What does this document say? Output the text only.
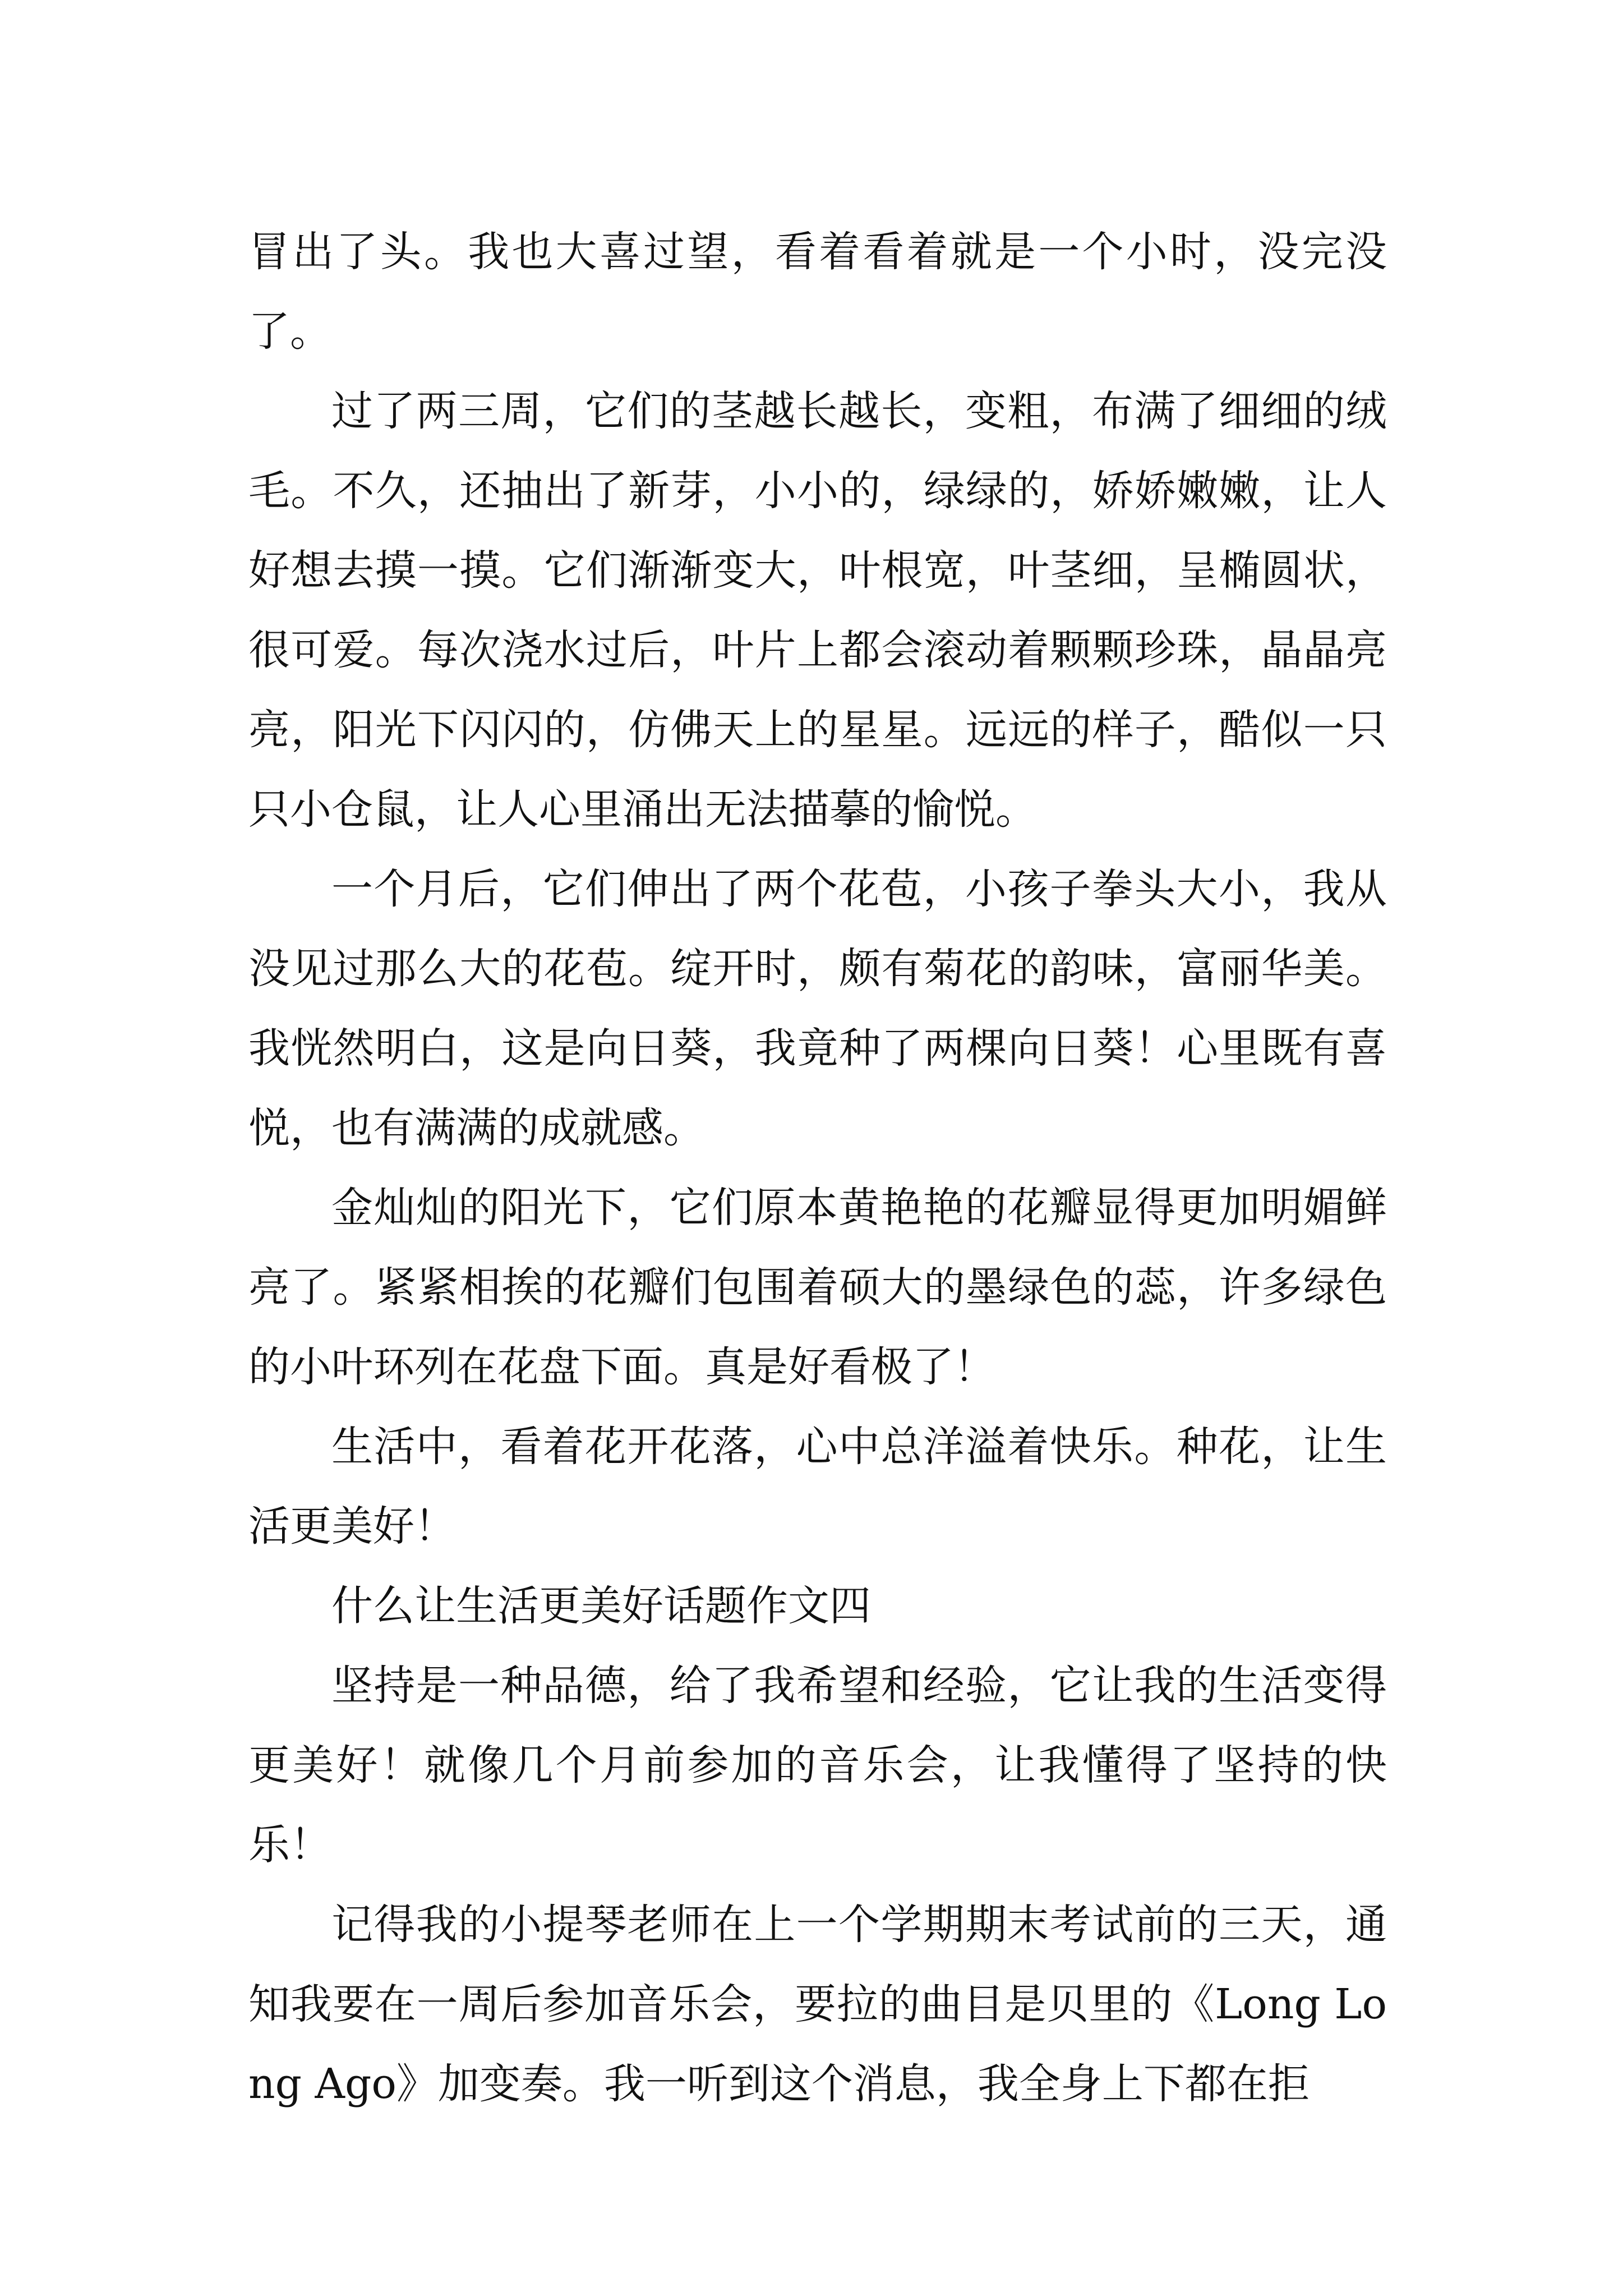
冒出了头。我也大喜过望，看着看着就是一个小时，没完没了。

过了两三周，它们的茎越长越长，变粗，布满了细细的绒毛。不久，还抽出了新芽，小小的，绿绿的，娇娇嫩嫩，让人好想去摸一摸。它们渐渐变大，叶根宽，叶茎细，呈椭圆状，很可爱。每次浇水过后，叶片上都会滚动着颗颗珍珠，晶晶亮亮，阳光下闪闪的，仿佛天上的星星。远远的样子，酷似一只只小仓鼠，让人心里涌出无法描摹的愉悦。

一个月后，它们伸出了两个花苞，小孩子拳头大小，我从没见过那么大的花苞。绽开时，颇有菊花的韵味，富丽华美。我恍然明白，这是向日葵，我竟种了两棵向日葵！心里既有喜悦，也有满满的成就感。

金灿灿的阳光下，它们原本黄艳艳的花瓣显得更加明媚鲜亮了。紧紧相挨的花瓣们包围着硕大的墨绿色的蕊，许多绿色的小叶环列在花盘下面。真是好看极了！

生活中，看着花开花落，心中总洋溢着快乐。种花，让生活更美好！

什么让生活更美好话题作文四

坚持是一种品德，给了我希望和经验，它让我的生活变得更美好！就像几个月前参加的音乐会，让我懂得了坚持的快乐！

记得我的小提琴老师在上一个学期期末考试前的三天，通知我要在一周后参加音乐会，要拉的曲目是贝里的《Long Long Ago》加变奏。我一听到这个消息，我全身上下都在拒
